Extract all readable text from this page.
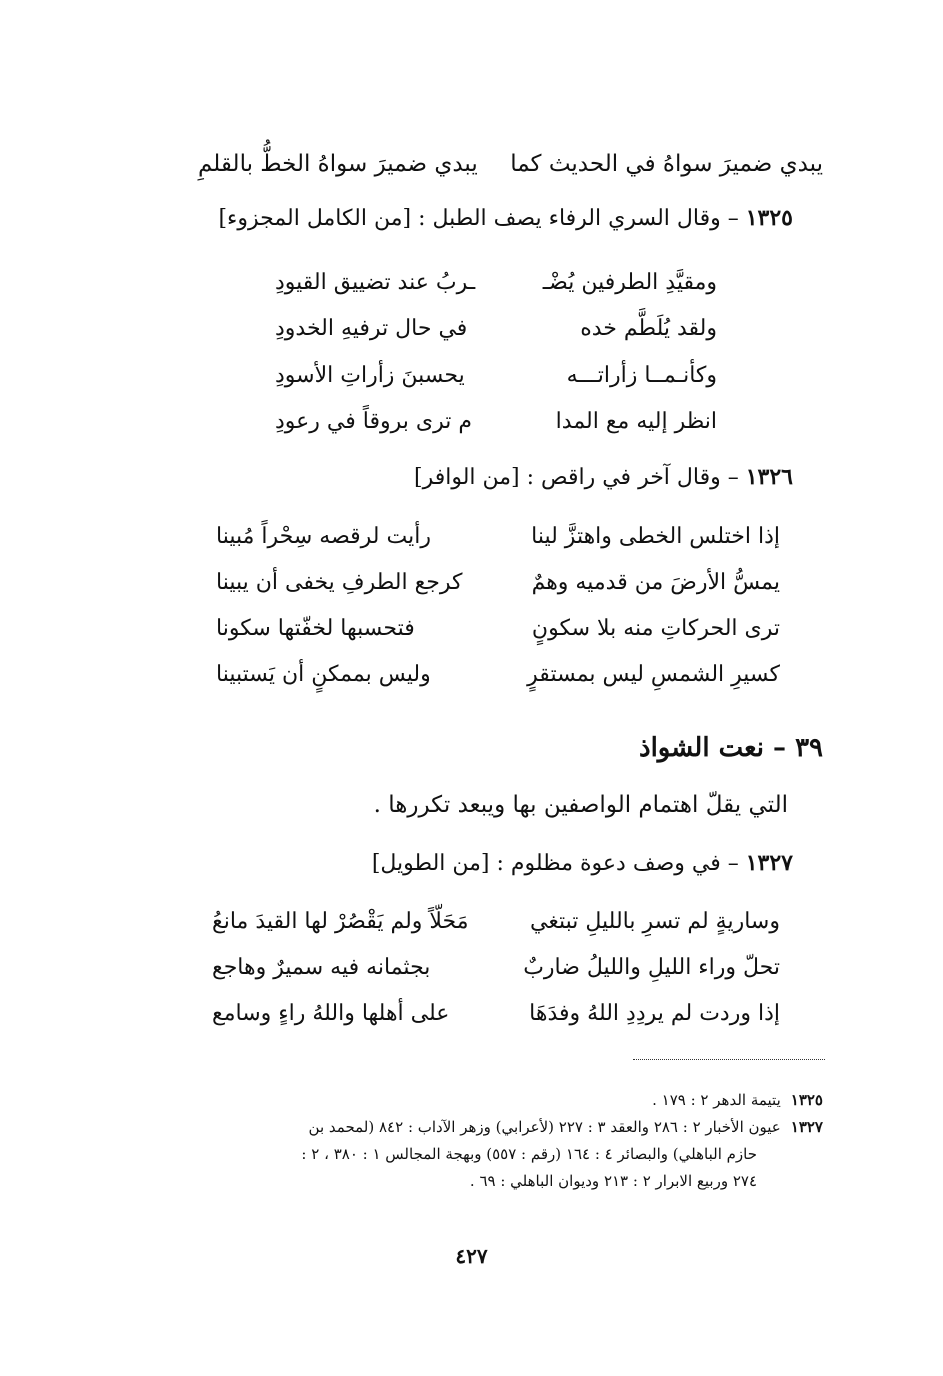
يبدي ضميرَ سواهُ في الحديث كما
يبدي ضميرَ سواهُ الخطُّ بالقلمِ
١٣٢٥ – وقال السري الرفاء يصف الطبل : [من الكامل المجزوء]
ومقيَّدِ الطرفين يُضْـ
ـربُ عند تضييق القيودِ
ولقد يُلَطَّم خده
في حال ترفيهِ الخدودِ
وكأنـمــا زأراتـــه
يحسبنَ زأراتِ الأسودِ
انظر إليه مع المدا
م ترى بروقاً في رعودِ
١٣٢٦ – وقال آخر في راقص : [من الوافر]
إذا اختلس الخطى واهتزَّ لينا
رأيت لرقصه سِحْراً مُبينا
يمسُّ الأرضَ من قدميه وهمٌ
كرجع الطرفِ يخفى أن يبينا
ترى الحركاتِ منه بلا سكونٍ
فتحسبها لخفّتها سكونا
كسيرِ الشمسِ ليس بمستقرٍ
وليس بممكنٍ أن يَستبينا
٣٩ – نعت الشواذ
التي يقلّ اهتمام الواصفين بها ويبعد تكررها .
١٣٢٧ – في وصف دعوة مظلوم : [من الطويل]
وساريةٍ لم تسرِ بالليلِ تبتغي
مَحَلّاً ولم يَقْصُرْ لها القيدَ مانعُ
تحلّ وراء الليلِ والليلُ ضاربٌ
بجثمانه فيه سميرٌ وهاجع
إذا وردت لم يردِدِ اللهُ وفدَهَا
على أهلها واللهُ راءٍ وسامع
١٣٢٥يتيمة الدهر ٢ : ١٧٩ .
١٣٢٧عيون الأخبار ٢ : ٢٨٦ والعقد ٣ : ٢٢٧ (لأعرابي) وزهر الآداب : ٨٤٢ (لمحمد بن
حازم الباهلي) والبصائر ٤ : ١٦٤ (رقم : ٥٥٧) وبهجة المجالس ١ : ٣٨٠ ، ٢ :
٢٧٤ وربيع الابرار ٢ : ٢١٣ وديوان الباهلي : ٦٩ .
٤٢٧
